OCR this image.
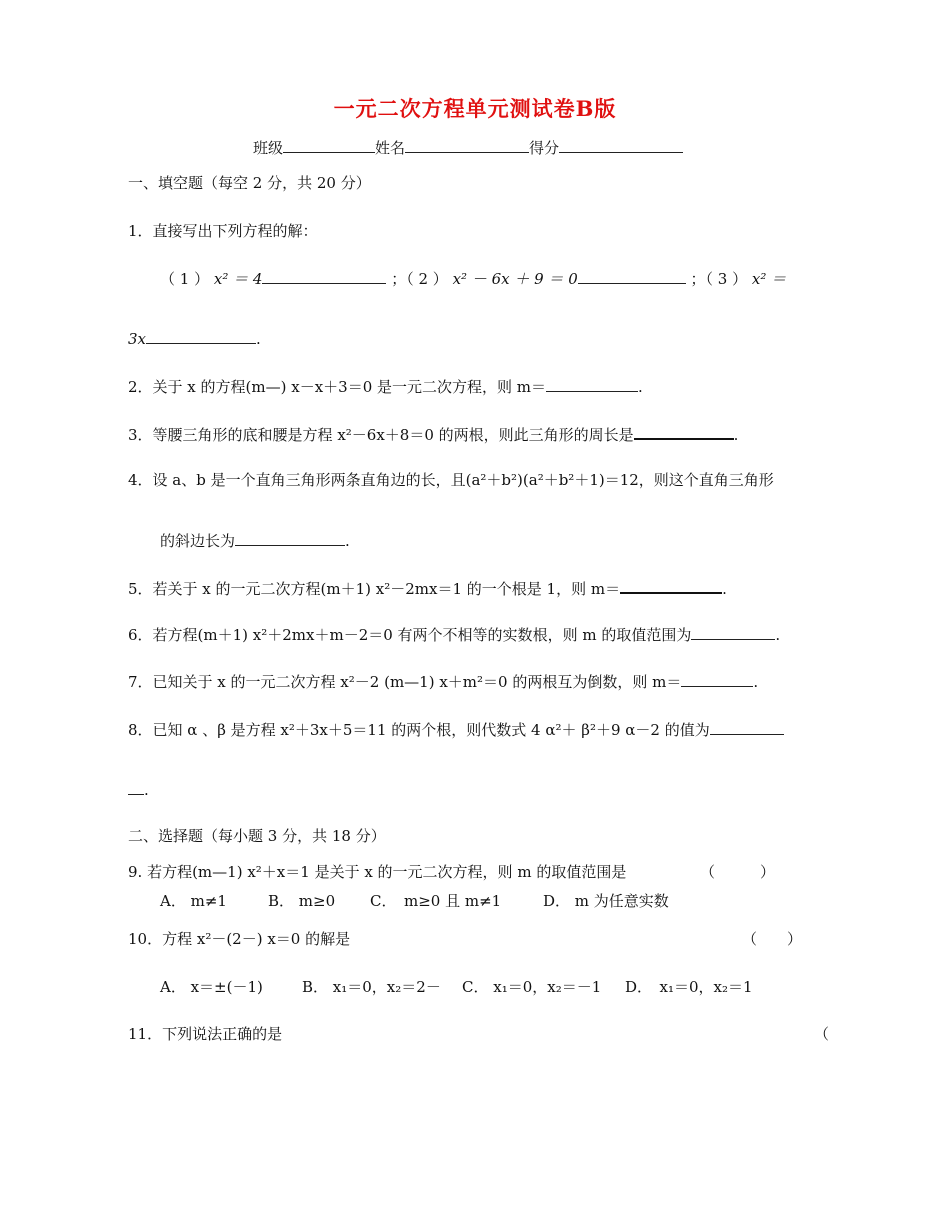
一元二次方程单元测试卷B版
班级	姓名	得分
一、填空题（每空 2 分，共 20 分）
1．直接写出下列方程的解：
（ 1 ） x² ＝ 4	；（ 2 ） x² － 6x ＋ 9 ＝ 0	；（ 3 ） x² ＝
3x	.
2．关于 x 的方程(m—) x－x＋3＝0 是一元二次方程，则 m＝	.
3．等腰三角形的底和腰是方程 x²－6x＋8＝0 的两根，则此三角形的周长是	.
4．设 a、b 是一个直角三角形两条直角边的长，且(a²＋b²)(a²＋b²＋1)＝12，则这个直角三角形
的斜边长为	.
5．若关于 x 的一元二次方程(m＋1) x²－2mx＝1 的一个根是 1，则 m＝	.
6．若方程(m＋1) x²＋2mx＋m－2＝0 有两个不相等的实数根，则 m 的取值范围为	.
7．已知关于 x 的一元二次方程 x²－2 (m—1) x＋m²＝0 的两根互为倒数，则 m＝	.
8．已知 α 、β 是方程 x²＋3x＋5＝11 的两个根，则代数式 4 α²＋ β²＋9 α－2 的值为
.
二、选择题（每小题 3 分，共 18 分）
9. 若方程(m—1) x²＋x＝1 是关于 x 的一元二次方程，则 m 的取值范围是	（　　　）
A． m≠1	B． m≥0 C．　m≥0 且 m≠1	D． m 为任意实数
10．方程 x²－(2－) x＝0 的解是	（　　）
A． x＝±(－1)	B． x₁＝0，x₂＝2－ C． x₁＝0，x₂＝－1 D．　x₁＝0，x₂＝1
11．下列说法正确的是	（
